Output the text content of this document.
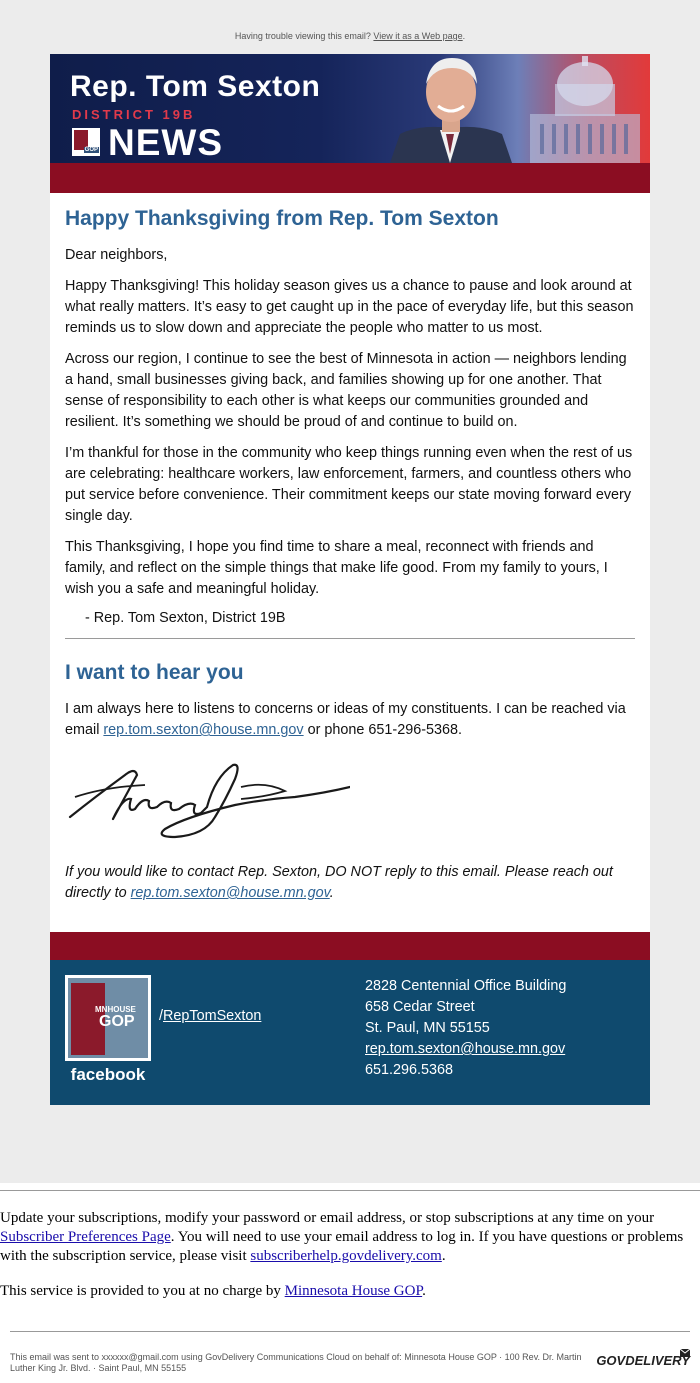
Having trouble viewing this email? View it as a Web page.
Rep. Tom Sexton
DISTRICT 19B
GOP NEWS
Happy Thanksgiving from Rep. Tom Sexton

Dear neighbors,

Happy Thanksgiving! This holiday season gives us a chance to pause and look around at what really matters. It’s easy to get caught up in the pace of everyday life, but this season reminds us to slow down and appreciate the people who matter to us most.

Across our region, I continue to see the best of Minnesota in action — neighbors lending a hand, small businesses giving back, and families showing up for one another. That sense of responsibility to each other is what keeps our communities grounded and resilient. It’s something we should be proud of and continue to build on.

I’m thankful for those in the community who keep things running even when the rest of us are celebrating: healthcare workers, law enforcement, farmers, and countless others who put service before convenience. Their commitment keeps our state moving forward every single day.

This Thanksgiving, I hope you find time to share a meal, reconnect with friends and family, and reflect on the simple things that make life good. From my family to yours, I wish you a safe and meaningful holiday.

- Rep. Tom Sexton, District 19B
I want to hear you

I am always here to listens to concerns or ideas of my constituents. I can be reached via email rep.tom.sexton@house.mn.gov or phone 651-296-5368.

If you would like to contact Rep. Sexton, DO NOT reply to this email. Please reach out directly to rep.tom.sexton@house.mn.gov.

MNHOUSE
GOP
facebook
/RepTomSexton
2828 Centennial Office Building
658 Cedar Street
St. Paul, MN 55155
rep.tom.sexton@house.mn.gov
651.296.5368

Update your subscriptions, modify your password or email address, or stop subscriptions at any time on your Subscriber Preferences Page. You will need to use your email address to log in. If you have questions or problems with the subscription service, please visit subscriberhelp.govdelivery.com.

This service is provided to you at no charge by Minnesota House GOP.

This email was sent to xxxxxx@gmail.com using GovDelivery Communications Cloud on behalf of: Minnesota House GOP · 100 Rev. Dr. Martin Luther King Jr. Blvd. · Saint Paul, MN 55155	GOVDELIVERY
